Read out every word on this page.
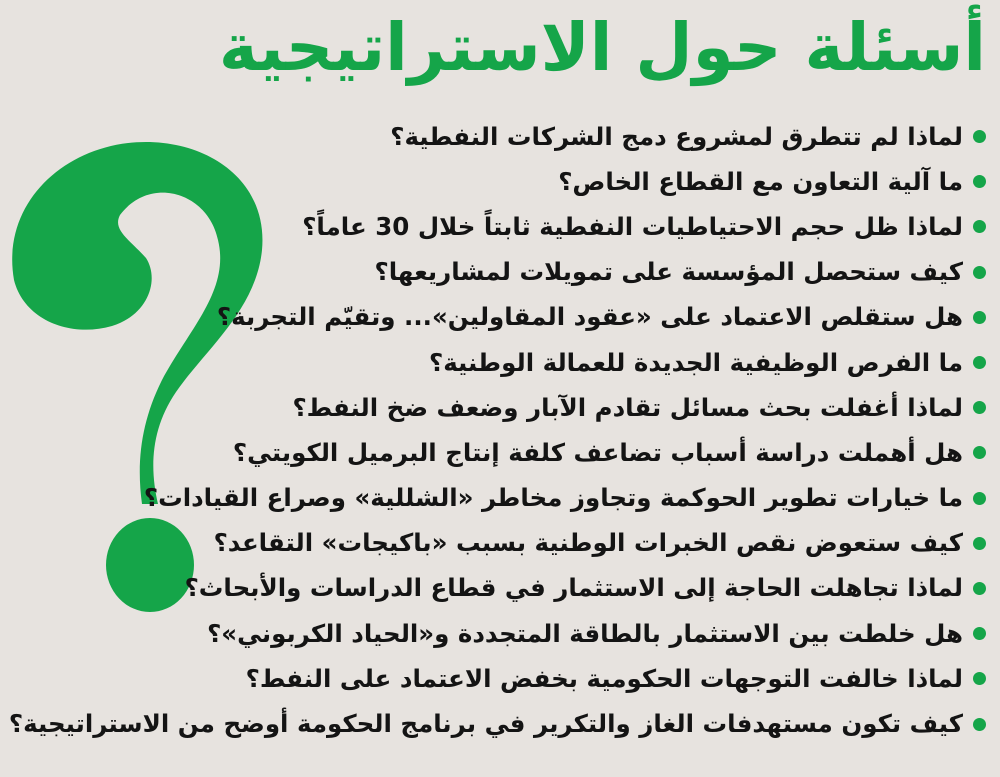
أسئلة حول الاستراتيجية
لماذا لم تتطرق لمشروع دمج الشركات النفطية؟
ما آلية التعاون مع القطاع الخاص؟
لماذا ظل حجم الاحتياطيات النفطية ثابتاً خلال 30 عاماً؟
كيف ستحصل المؤسسة على تمويلات لمشاريعها؟
هل ستقلص الاعتماد على «عقود المقاولين»... وتقيّم التجربة؟
ما الفرص الوظيفية الجديدة للعمالة الوطنية؟
لماذا أغفلت بحث مسائل تقادم الآبار وضعف ضخ النفط؟
هل أهملت دراسة أسباب تضاعف كلفة إنتاج البرميل الكويتي؟
ما خيارات تطوير الحوكمة وتجاوز مخاطر «الشللية» وصراع القيادات؟
كيف ستعوض نقص الخبرات الوطنية بسبب «باكيجات» التقاعد؟
لماذا تجاهلت الحاجة إلى الاستثمار في قطاع الدراسات والأبحاث؟
هل خلطت بين الاستثمار بالطاقة المتجددة و«الحياد الكربوني»؟
لماذا خالفت التوجهات الحكومية بخفض الاعتماد على النفط؟
كيف تكون مستهدفات الغاز والتكرير في برنامج الحكومة أوضح من الاستراتيجية؟
